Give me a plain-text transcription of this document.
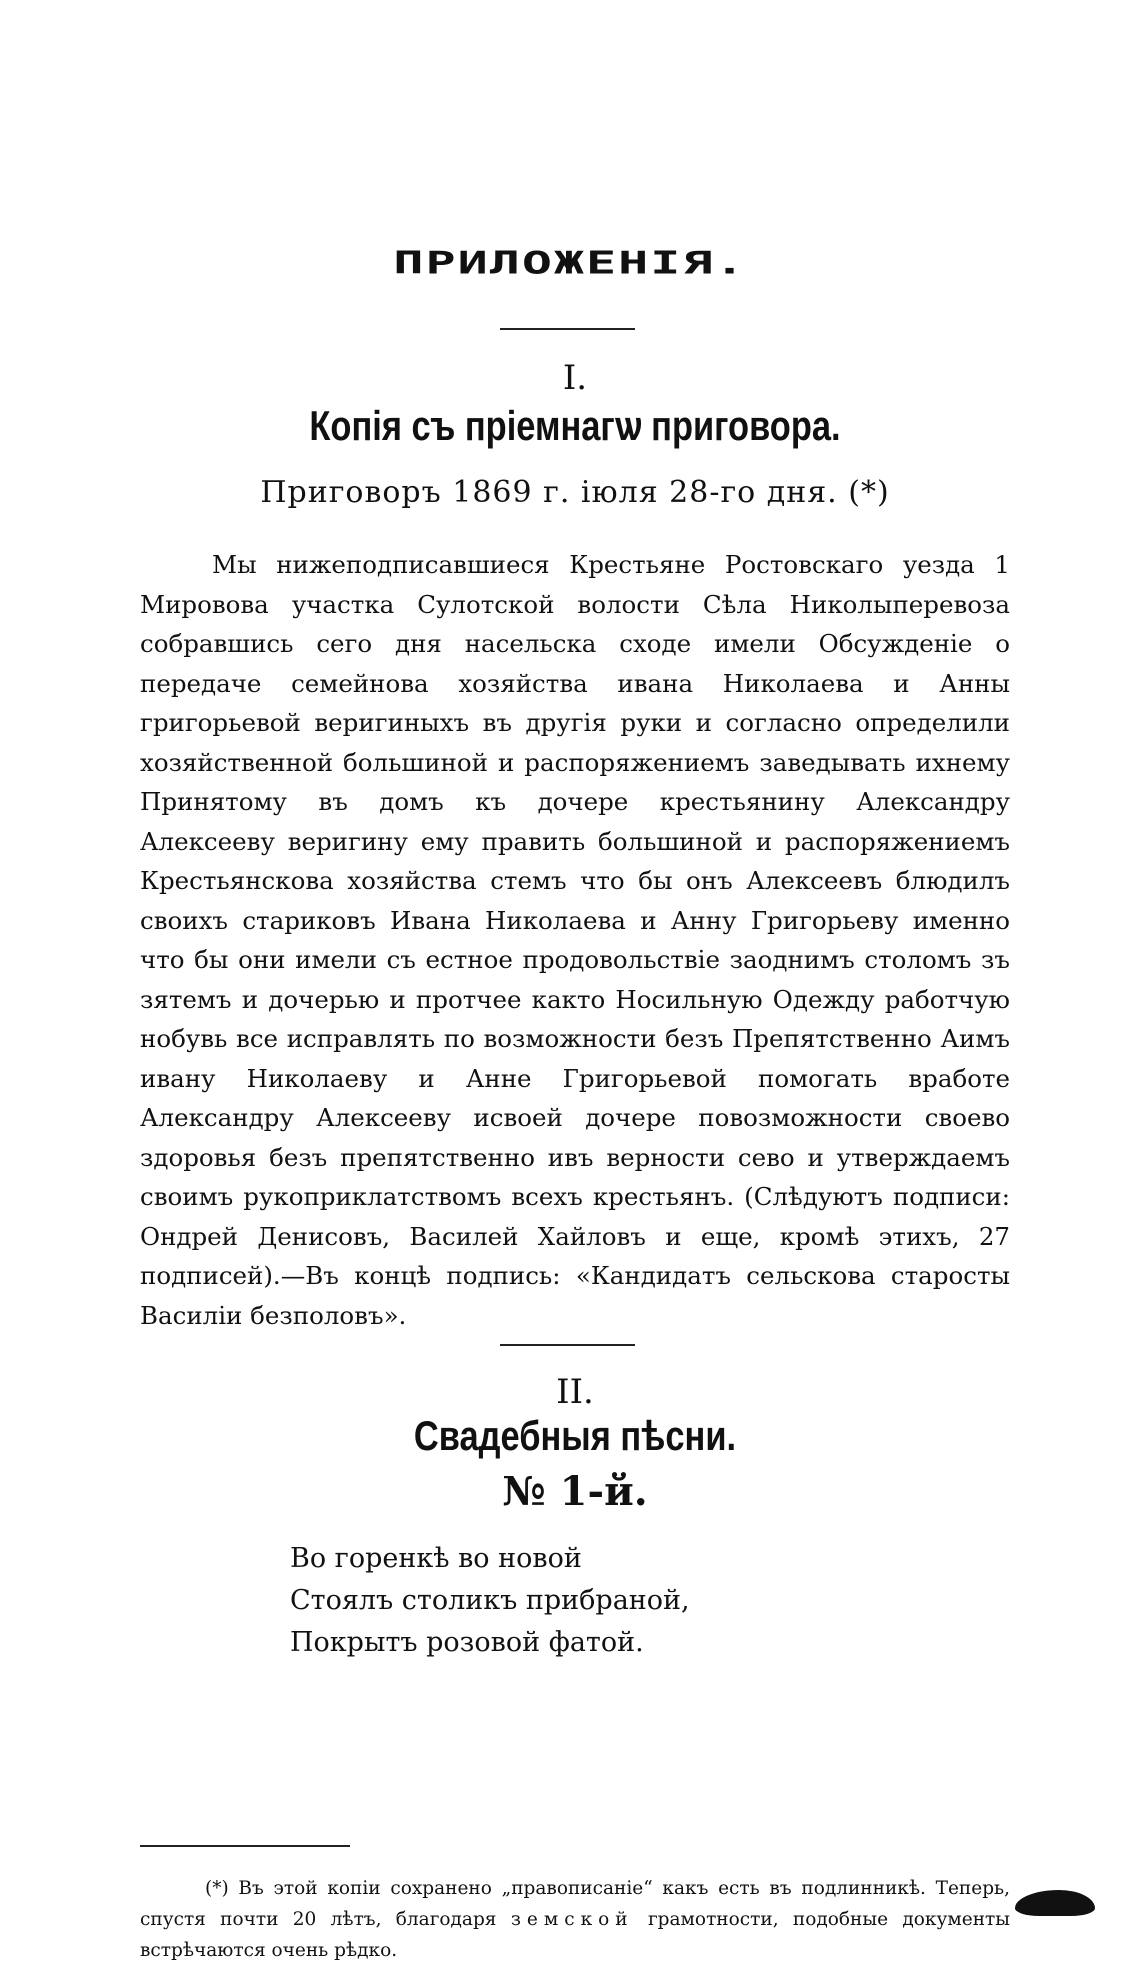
ПРИЛОЖЕНІЯ.
I.
Копія съ пріемнагѡ приговора.
Приговоръ 1869 г. іюля 28-го дня. (*)

Мы нижеподписавшиеся Крестьяне Ростовскаго уезда 1 Мировова участка Сулотской волости Сѣла Николыперевоза собравшись сего дня насельска сходе имели Обсужденіе о передаче семейнова хозяйства ивана Николаева и Анны григорьевой веригиныхъ въ другія руки и согласно определили хозяйственной большиной и распоряжениемъ заведывать ихнему Принятому въ домъ къ дочере крестьянину Александру Алексееву веригину ему править большиной и распоряжениемъ Крестьянскова хозяйства стемъ что бы онъ Алексеевъ блюдилъ своихъ стариковъ Ивана Николаева и Анну Григорьеву именно что бы они имели съ естное продовольствіе заоднимъ столомъ зъ зятемъ и дочерью и протчее както Носильную Одежду работчую нобувь все исправлять по возможности безъ Препятственно Аимъ ивану Николаеву и Анне Григорьевой помогать вработе Александру Алексееву исвоей дочере повозможности своево здоровья безъ препятственно ивъ верности сево и утверждаемъ своимъ рукоприклатствомъ всехъ крестьянъ. (Слѣдуютъ подписи: Ондрей Денисовъ, Василей Хайловъ и еще, кромѣ этихъ, 27 подписей).—Въ концѣ подпись: «Кандидатъ сельскова старосты Василіи безполовъ».

II.
Свадебныя пѣсни.
№ 1-й.
Во горенкѣ во новой
Стоялъ столикъ прибраной,
Покрытъ розовой фатой.

(*) Въ этой копіи сохранено „правописаніе“ какъ есть въ подлинникѣ. Теперь, спустя почти 20 лѣтъ, благодаря земской грамотности, подобные документы встрѣчаются очень рѣдко.
